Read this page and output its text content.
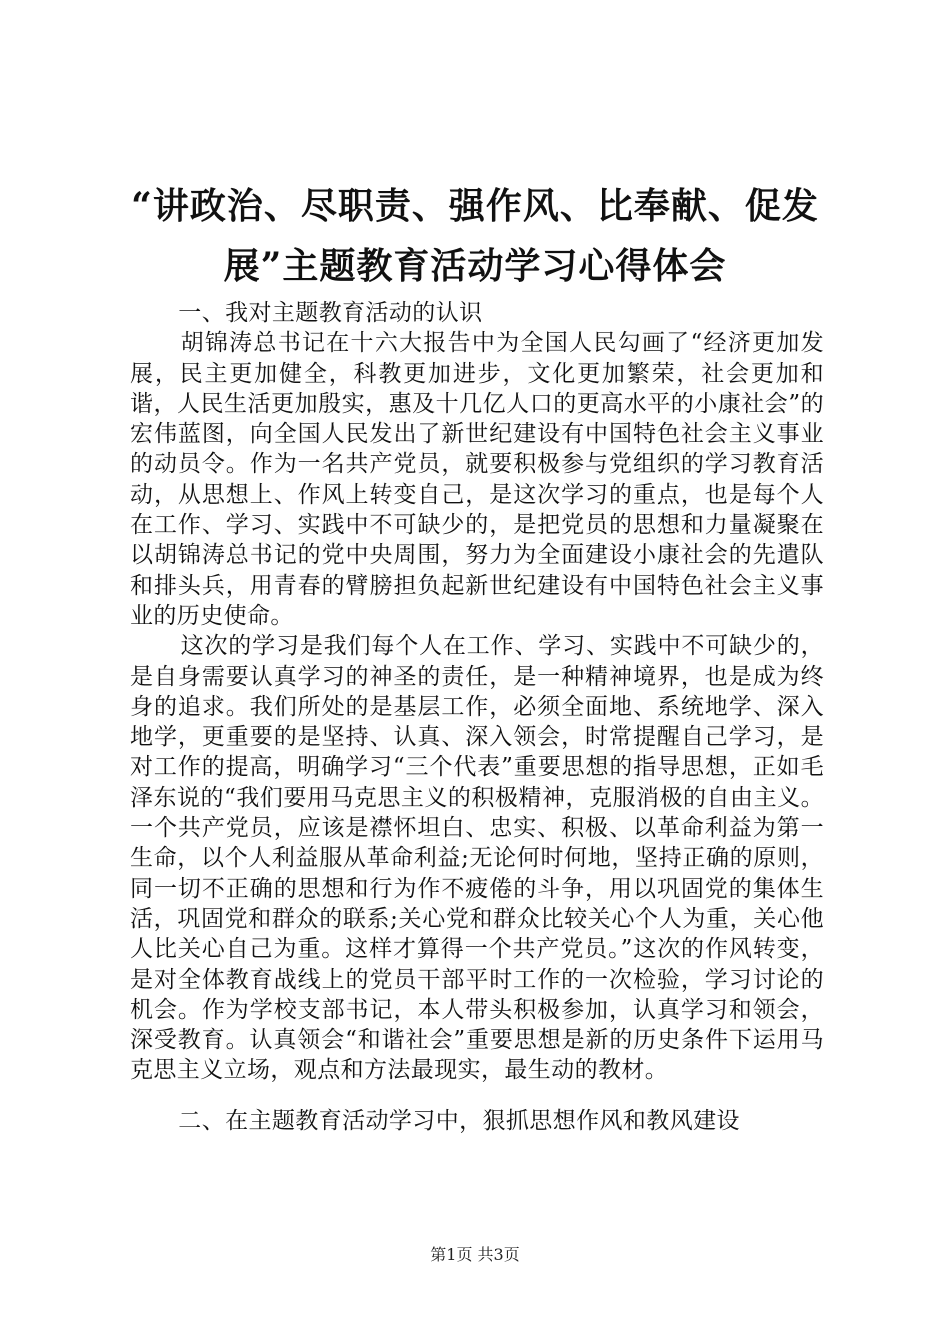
“讲政治、尽职责、强作风、比奉献、促发
展”主题教育活动学习心得体会

一、我对主题教育活动的认识

胡锦涛总书记在十六大报告中为全国人民勾画了“经济更加发展，民主更加健全，科教更加进步，文化更加繁荣，社会更加和谐，人民生活更加殷实，惠及十几亿人口的更高水平的小康社会”的宏伟蓝图，向全国人民发出了新世纪建设有中国特色社会主义事业的动员令。作为一名共产党员，就要积极参与党组织的学习教育活动，从思想上、作风上转变自己，是这次学习的重点，也是每个人在工作、学习、实践中不可缺少的，是把党员的思想和力量凝聚在以胡锦涛总书记的党中央周围，努力为全面建设小康社会的先遣队和排头兵，用青春的臂膀担负起新世纪建设有中国特色社会主义事业的历史使命。

这次的学习是我们每个人在工作、学习、实践中不可缺少的，是自身需要认真学习的神圣的责任，是一种精神境界，也是成为终身的追求。我们所处的是基层工作，必须全面地、系统地学、深入地学，更重要的是坚持、认真、深入领会，时常提醒自己学习，是对工作的提高，明确学习“三个代表”重要思想的指导思想，正如毛泽东说的“我们要用马克思主义的积极精神，克服消极的自由主义。一个共产党员，应该是襟怀坦白、忠实、积极、以革命利益为第一生命，以个人利益服从革命利益;无论何时何地，坚持正确的原则，同一切不正确的思想和行为作不疲倦的斗争，用以巩固党的集体生活，巩固党和群众的联系;关心党和群众比较关心个人为重，关心他人比关心自己为重。这样才算得一个共产党员。”这次的作风转变，是对全体教育战线上的党员干部平时工作的一次检验，学习讨论的机会。作为学校支部书记，本人带头积极参加，认真学习和领会，深受教育。认真领会“和谐社会”重要思想是新的历史条件下运用马克思主义立场，观点和方法最现实，最生动的教材。

二、在主题教育活动学习中，狠抓思想作风和教风建设

第1页 共3页
